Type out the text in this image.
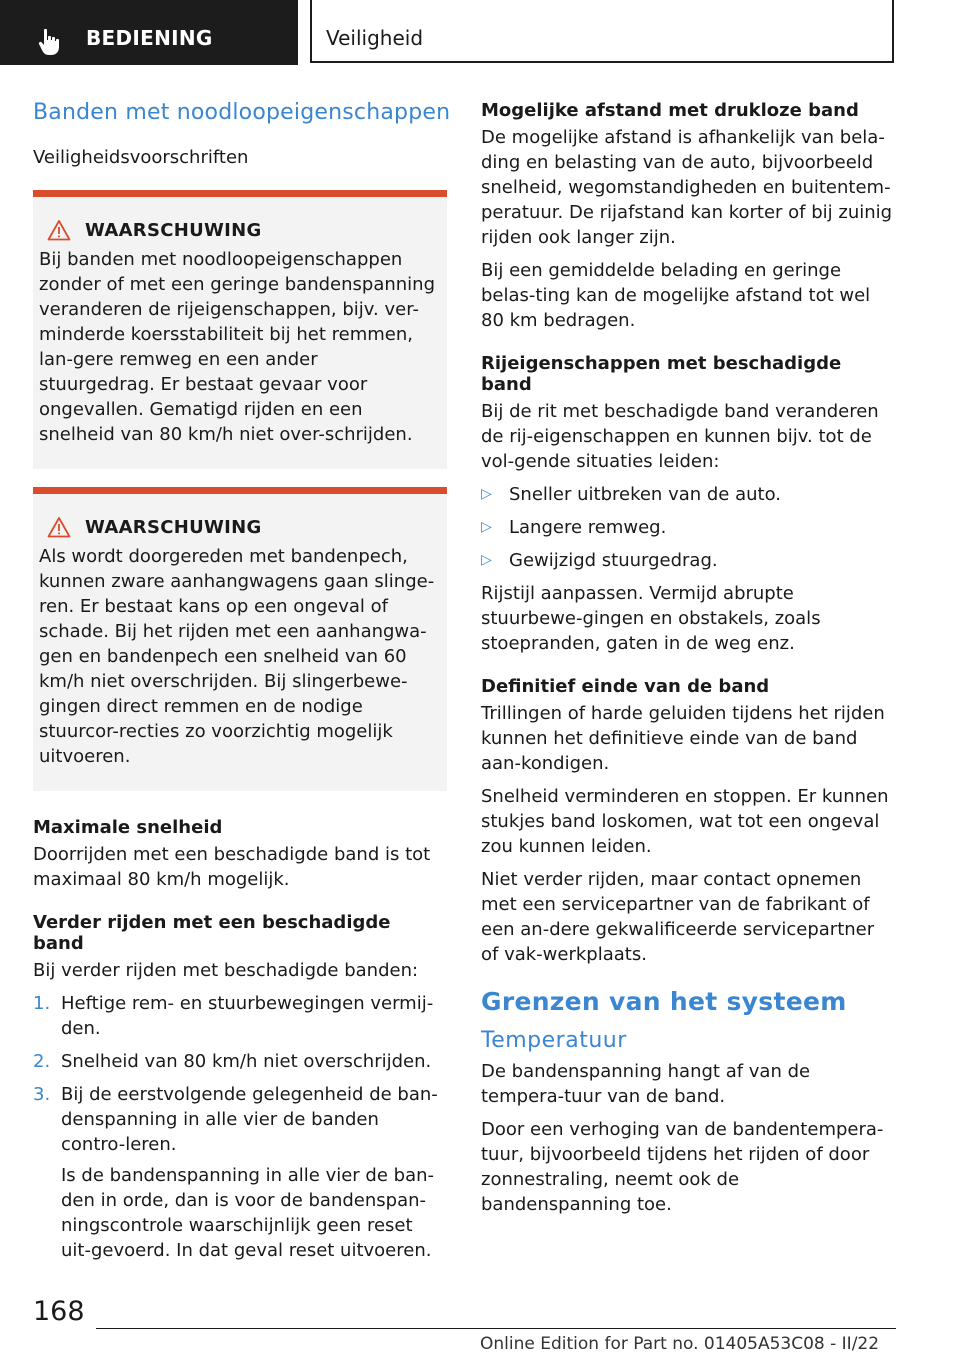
BEDIENING	Veiligheid
Banden met noodloopeigenschappen
Veiligheidsvoorschriften
WAARSCHUWING

Bij banden met noodloopeigenschappen zonder of met een geringe bandenspanning veranderen de rijeigenschappen, bijv. ver-minderde koersstabiliteit bij het remmen, lan-gere remweg en een ander stuurgedrag. Er bestaat gevaar voor ongevallen. Gematigd rijden en een snelheid van 80 km/h niet over-schrijden.

WAARSCHUWING

Als wordt doorgereden met bandenpech, kunnen zware aanhangwagens gaan slinge-ren. Er bestaat kans op een ongeval of schade. Bij het rijden met een aanhangwa-gen en bandenpech een snelheid van 60 km/h niet overschrijden. Bij slingerbewe-gingen direct remmen en de nodige stuurcor-recties zo voorzichtig mogelijk uitvoeren.

Maximale snelheid

Doorrijden met een beschadigde band is tot maximaal 80 km/h mogelijk.

Verder rijden met een beschadigde band

Bij verder rijden met beschadigde banden:

1. Heftige rem- en stuurbewegingen vermij-den.
2. Snelheid van 80 km/h niet overschrijden.
3. Bij de eerstvolgende gelegenheid de ban-denspanning in alle vier de banden contro-leren.
Is de bandenspanning in alle vier de ban-den in orde, dan is voor de bandenspan-ningscontrole waarschijnlijk geen reset uit-gevoerd. In dat geval reset uitvoeren.
Mogelijke afstand met drukloze band

De mogelijke afstand is afhankelijk van bela-ding en belasting van de auto, bijvoorbeeld snelheid, wegomstandigheden en buitentem-peratuur. De rijafstand kan korter of bij zuinig rijden ook langer zijn.

Bij een gemiddelde belading en geringe belas-ting kan de mogelijke afstand tot wel 80 km bedragen.

Rijeigenschappen met beschadigde band

Bij de rit met beschadigde band veranderen de rij-eigenschappen en kunnen bijv. tot de vol-gende situaties leiden:

▷ Sneller uitbreken van de auto.
▷ Langere remweg.
▷ Gewijzigd stuurgedrag.

Rijstijl aanpassen. Vermijd abrupte stuurbewe-gingen en obstakels, zoals stoepranden, gaten in de weg enz.

Definitief einde van de band

Trillingen of harde geluiden tijdens het rijden kunnen het definitieve einde van de band aan-kondigen.

Snelheid verminderen en stoppen. Er kunnen stukjes band loskomen, wat tot een ongeval zou kunnen leiden.

Niet verder rijden, maar contact opnemen met een servicepartner van de fabrikant of een an-dere gekwalificeerde servicepartner of vak-werkplaats.

Grenzen van het systeem
Temperatuur

De bandenspanning hangt af van de tempera-tuur van de band.

Door een verhoging van de bandentempera-tuur, bijvoorbeeld tijdens het rijden of door zonnestraling, neemt ook de bandenspanning toe.

168
Online Edition for Part no. 01405A53C08 - II/22
